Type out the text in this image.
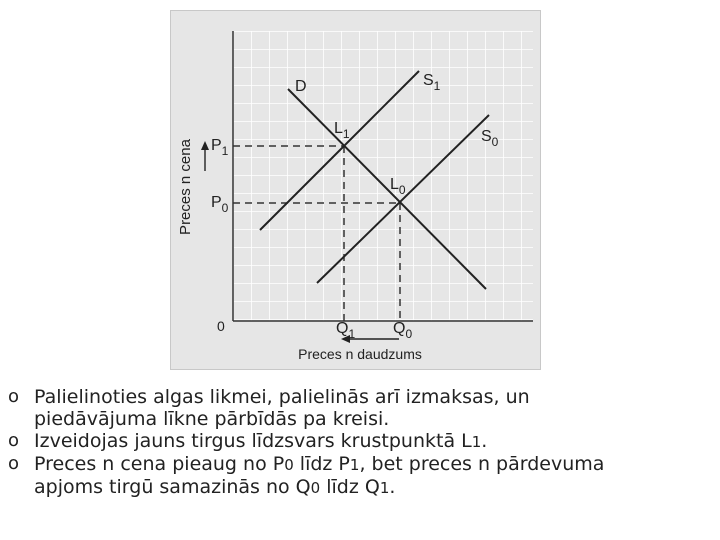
Preces n cena $P_1$
$P_0$
0	$Q_1$ $Q_0$
Preces n daudzums
D	$S_1$
$S_0$
$L_1$
$L_0$
o Palielinoties algas likmei, palielinās arī izmaksas, un
piedāvājuma līkne pārbīdās pa kreisi.
o Izveidojas jauns tirgus līdzsvars krustpunktā L1.
o Preces n cena pieaug no P0 līdz P1, bet preces n pārdevuma
apjoms tirgū samazinās no Q0 līdz Q1.
